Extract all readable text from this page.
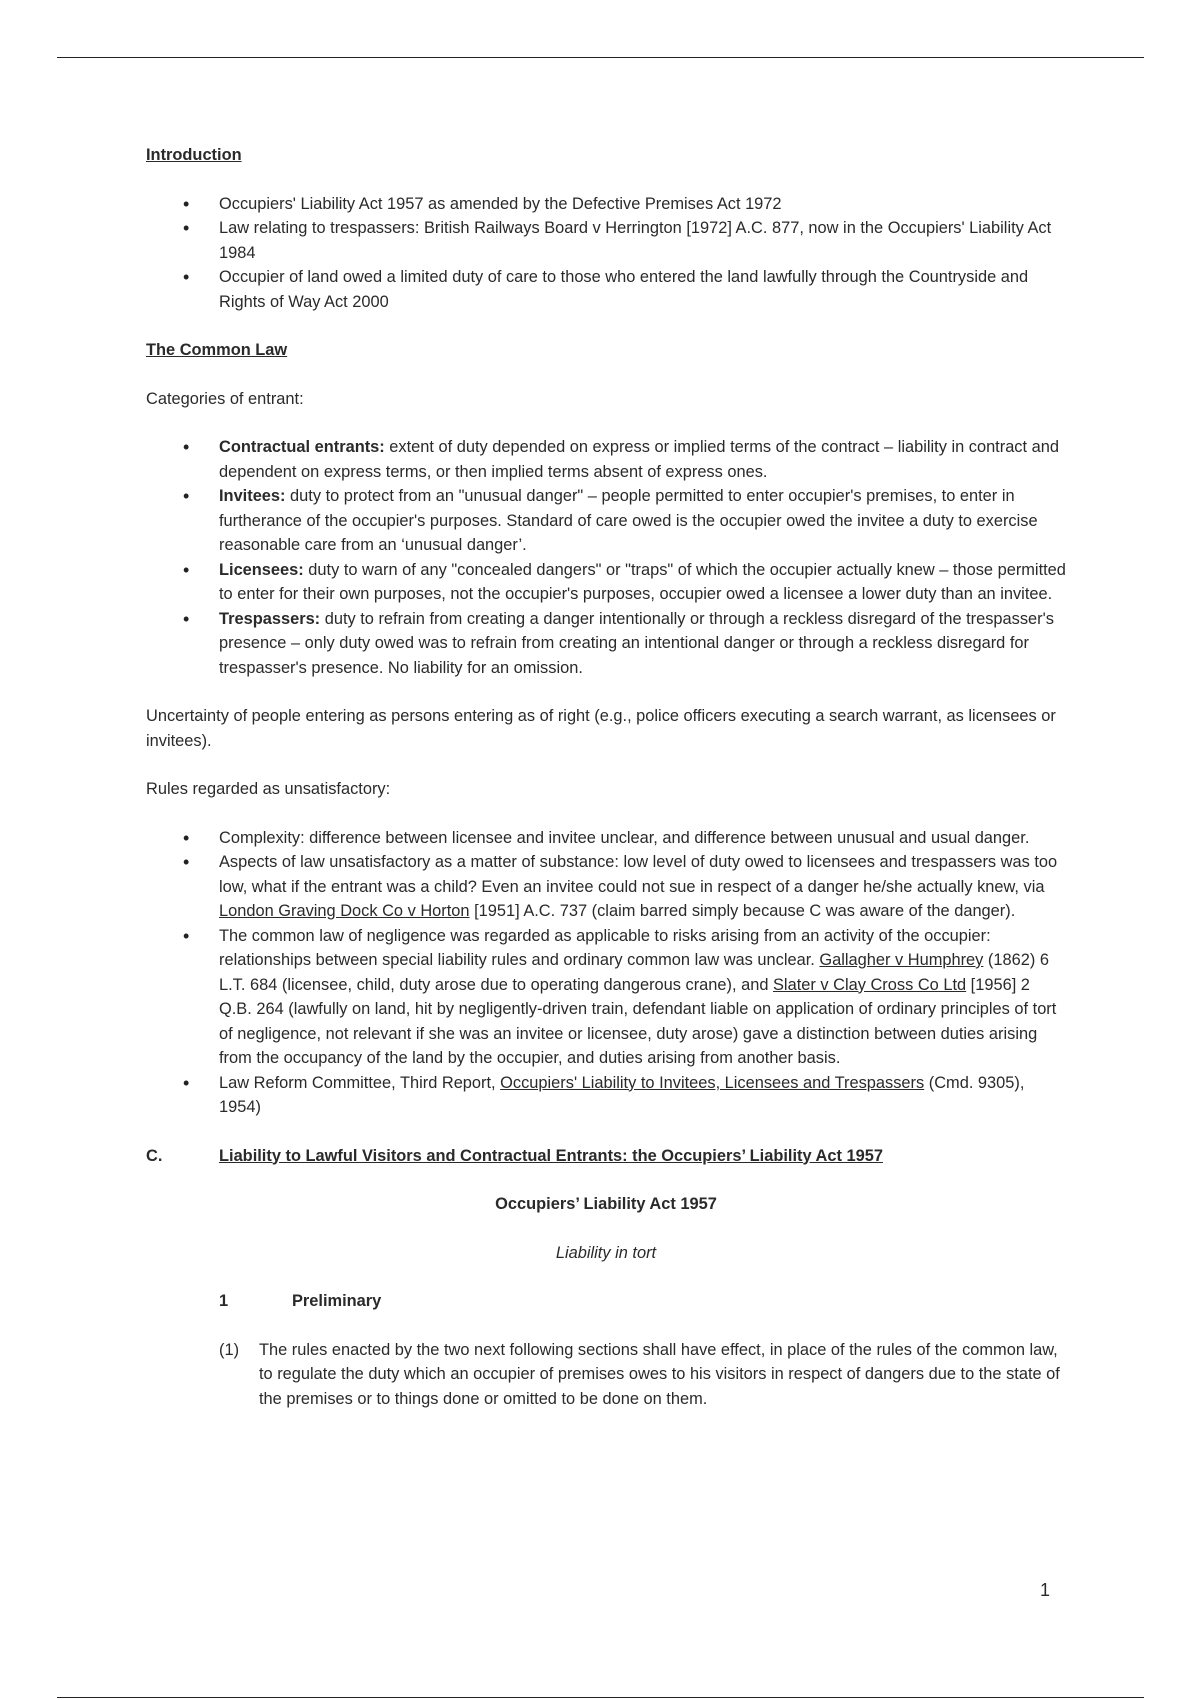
Introduction
• Occupiers' Liability Act 1957 as amended by the Defective Premises Act 1972
• Law relating to trespassers: British Railways Board v Herrington [1972] A.C. 877, now in the Occupiers' Liability Act 1984
• Occupier of land owed a limited duty of care to those who entered the land lawfully through the Countryside and Rights of Way Act 2000
The Common Law
Categories of entrant:
• Contractual entrants: extent of duty depended on express or implied terms of the contract – liability in contract and dependent on express terms, or then implied terms absent of express ones.
• Invitees: duty to protect from an "unusual danger" – people permitted to enter occupier's premises, to enter in furtherance of the occupier's purposes. Standard of care owed is the occupier owed the invitee a duty to exercise reasonable care from an ‘unusual danger’.
• Licensees: duty to warn of any "concealed dangers" or "traps" of which the occupier actually knew – those permitted to enter for their own purposes, not the occupier's purposes, occupier owed a licensee a lower duty than an invitee.
• Trespassers: duty to refrain from creating a danger intentionally or through a reckless disregard of the trespasser's presence – only duty owed was to refrain from creating an intentional danger or through a reckless disregard for trespasser's presence. No liability for an omission.
Uncertainty of people entering as persons entering as of right (e.g., police officers executing a search warrant, as licensees or invitees).
Rules regarded as unsatisfactory:
• Complexity: difference between licensee and invitee unclear, and difference between unusual and usual danger.
• Aspects of law unsatisfactory as a matter of substance: low level of duty owed to licensees and trespassers was too low, what if the entrant was a child? Even an invitee could not sue in respect of a danger he/she actually knew, via London Graving Dock Co v Horton [1951] A.C. 737 (claim barred simply because C was aware of the danger).
• The common law of negligence was regarded as applicable to risks arising from an activity of the occupier: relationships between special liability rules and ordinary common law was unclear. Gallagher v Humphrey (1862) 6 L.T. 684 (licensee, child, duty arose due to operating dangerous crane), and Slater v Clay Cross Co Ltd [1956] 2 Q.B. 264 (lawfully on land, hit by negligently-driven train, defendant liable on application of ordinary principles of tort of negligence, not relevant if she was an invitee or licensee, duty arose) gave a distinction between duties arising from the occupancy of the land by the occupier, and duties arising from another basis.
• Law Reform Committee, Third Report, Occupiers' Liability to Invitees, Licensees and Trespassers (Cmd. 9305), 1954)
C.	Liability to Lawful Visitors and Contractual Entrants: the Occupiers’ Liability Act 1957
Occupiers’ Liability Act 1957
Liability in tort
1	Preliminary
(1)	The rules enacted by the two next following sections shall have effect, in place of the rules of the common law, to regulate the duty which an occupier of premises owes to his visitors in respect of dangers due to the state of the premises or to things done or omitted to be done on them.
1
